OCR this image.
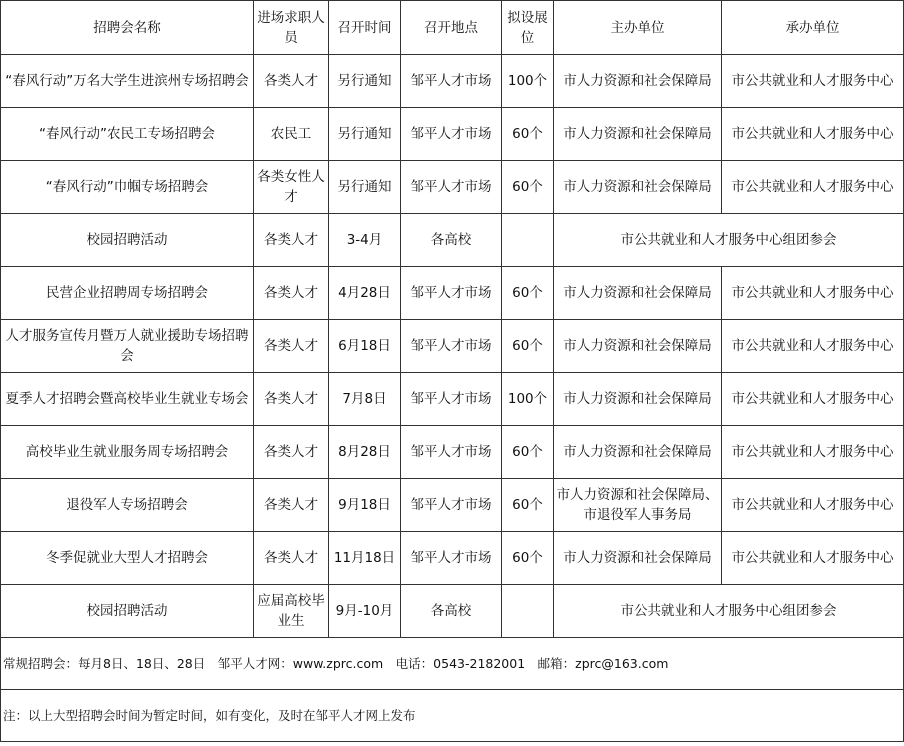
招聘会名称	进场求职人员	召开时间	召开地点	拟设展位	主办单位	承办单位
“春风行动”万名大学生进滨州专场招聘会	各类人才	另行通知	邹平人才市场	100个	市人力资源和社会保障局	市公共就业和人才服务中心
“春风行动”农民工专场招聘会	农民工	另行通知	邹平人才市场	60个	市人力资源和社会保障局	市公共就业和人才服务中心
“春风行动”巾帼专场招聘会	各类女性人才	另行通知	邹平人才市场	60个	市人力资源和社会保障局	市公共就业和人才服务中心
校园招聘活动	各类人才	3-4月	各高校		市公共就业和人才服务中心组团参会	
民营企业招聘周专场招聘会	各类人才	4月28日	邹平人才市场	60个	市人力资源和社会保障局	市公共就业和人才服务中心
人才服务宣传月暨万人就业援助专场招聘会	各类人才	6月18日	邹平人才市场	60个	市人力资源和社会保障局	市公共就业和人才服务中心
夏季人才招聘会暨高校毕业生就业专场会	各类人才	7月8日	邹平人才市场	100个	市人力资源和社会保障局	市公共就业和人才服务中心
高校毕业生就业服务周专场招聘会	各类人才	8月28日	邹平人才市场	60个	市人力资源和社会保障局	市公共就业和人才服务中心
退役军人专场招聘会	各类人才	9月18日	邹平人才市场	60个	市人力资源和社会保障局、市退役军人事务局	市公共就业和人才服务中心
冬季促就业大型人才招聘会	各类人才	11月18日	邹平人才市场	60个	市人力资源和社会保障局	市公共就业和人才服务中心
校园招聘活动	应届高校毕业生	9月-10月	各高校		市公共就业和人才服务中心组团参会	
常规招聘会：每月8日、18日、28日　邹平人才网：www.zprc.com　电话：0543-2182001　邮箱：zprc@163.com						
注：以上大型招聘会时间为暂定时间，如有变化，及时在邹平人才网上发布						
